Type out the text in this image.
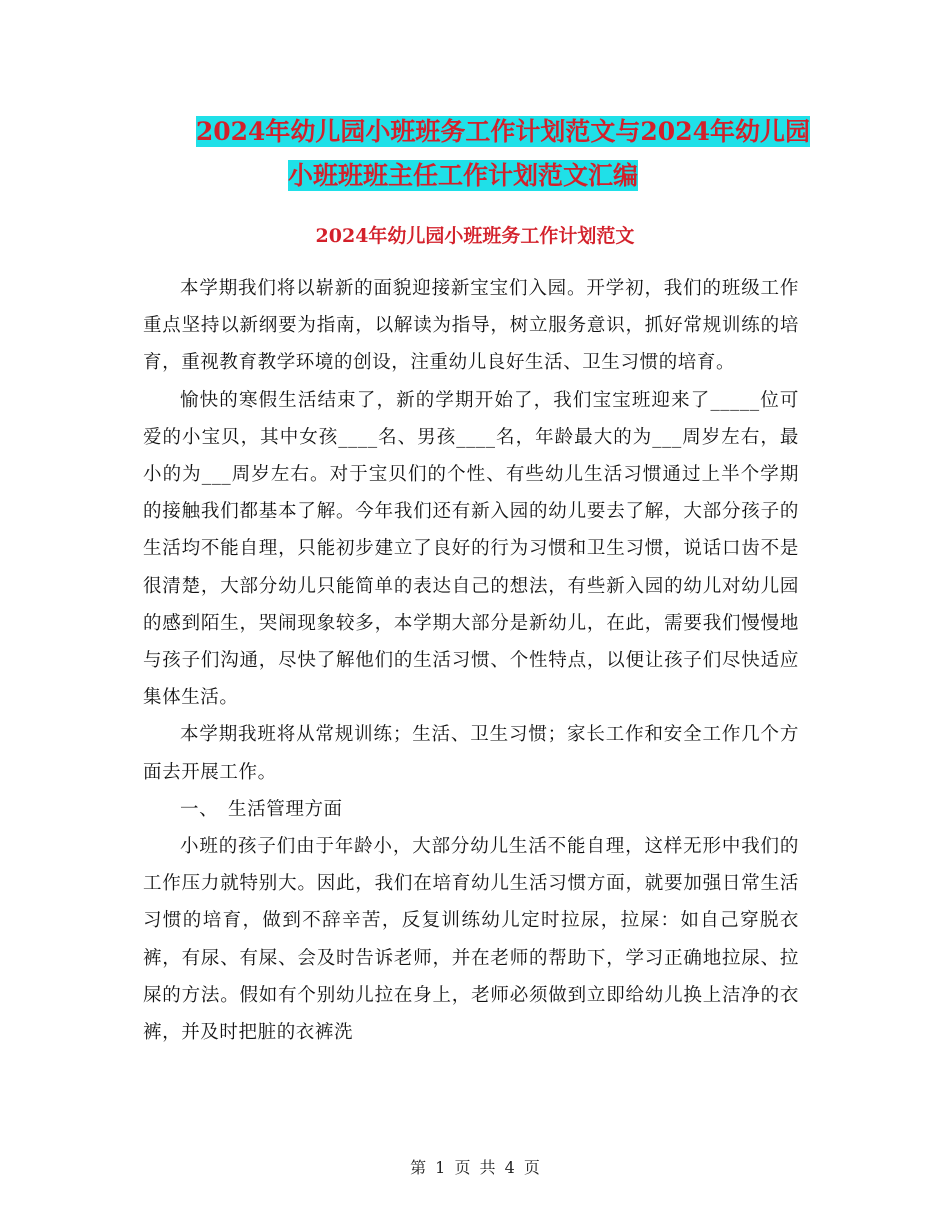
2024年幼儿园小班班务工作计划范文与2024年幼儿园
小班班班主任工作计划范文汇编
2024年幼儿园小班班务工作计划范文

本学期我们将以崭新的面貌迎接新宝宝们入园。开学初，我们的班级工作重点坚持以新纲要为指南，以解读为指导，树立服务意识，抓好常规训练的培育，重视教育教学环境的创设，注重幼儿良好生活、卫生习惯的培育。

愉快的寒假生活结束了，新的学期开始了，我们宝宝班迎来了_____位可爱的小宝贝，其中女孩____名、男孩____名，年龄最大的为___周岁左右，最小的为___周岁左右。对于宝贝们的个性、有些幼儿生活习惯通过上半个学期的接触我们都基本了解。今年我们还有新入园的幼儿要去了解，大部分孩子的生活均不能自理，只能初步建立了良好的行为习惯和卫生习惯，说话口齿不是很清楚，大部分幼儿只能简单的表达自己的想法，有些新入园的幼儿对幼儿园的感到陌生，哭闹现象较多，本学期大部分是新幼儿，在此，需要我们慢慢地与孩子们沟通，尽快了解他们的生活习惯、个性特点，以便让孩子们尽快适应集体生活。

本学期我班将从常规训练；生活、卫生习惯；家长工作和安全工作几个方面去开展工作。

一、　生活管理方面

小班的孩子们由于年龄小，大部分幼儿生活不能自理，这样无形中我们的工作压力就特别大。因此，我们在培育幼儿生活习惯方面，就要加强日常生活习惯的培育，做到不辞辛苦，反复训练幼儿定时拉尿，拉屎：如自己穿脱衣裤，有尿、有屎、会及时告诉老师，并在老师的帮助下，学习正确地拉尿、拉屎的方法。假如有个别幼儿拉在身上，老师必须做到立即给幼儿换上洁净的衣裤，并及时把脏的衣裤洗

第 1 页 共 4 页
